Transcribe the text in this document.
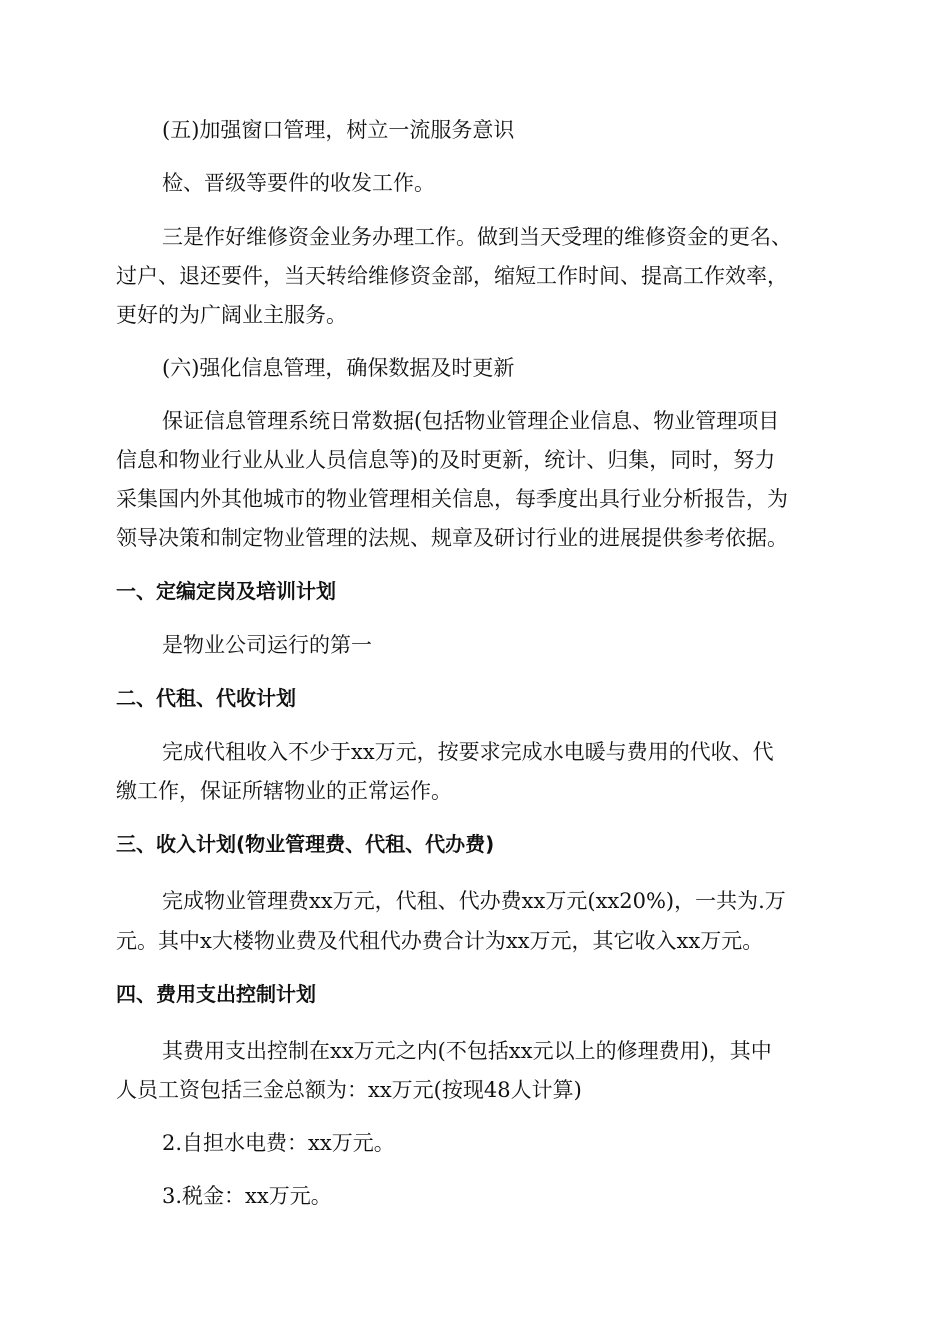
(五)加强窗口管理，树立一流服务意识
检、晋级等要件的收发工作。
三是作好维修资金业务办理工作。做到当天受理的维修资金的更名、
过户、退还要件，当天转给维修资金部，缩短工作时间、提高工作效率，
更好的为广阔业主服务。
(六)强化信息管理，确保数据及时更新
保证信息管理系统日常数据(包括物业管理企业信息、物业管理项目
信息和物业行业从业人员信息等)的及时更新，统计、归集，同时，努力
采集国内外其他城市的物业管理相关信息，每季度出具行业分析报告，为
领导决策和制定物业管理的法规、规章及研讨行业的进展提供参考依据。
一、定编定岗及培训计划
是物业公司运行的第一
二、代租、代收计划
完成代租收入不少于xx万元，按要求完成水电暖与费用的代收、代
缴工作，保证所辖物业的正常运作。
三、收入计划(物业管理费、代租、代办费)
完成物业管理费xx万元，代租、代办费xx万元(xx20%)，一共为.万
元。其中x大楼物业费及代租代办费合计为xx万元，其它收入xx万元。
四、费用支出控制计划
其费用支出控制在xx万元之内(不包括xx元以上的修理费用)，其中
人员工资包括三金总额为：xx万元(按现48人计算)
2.自担水电费：xx万元。
3.税金：xx万元。
